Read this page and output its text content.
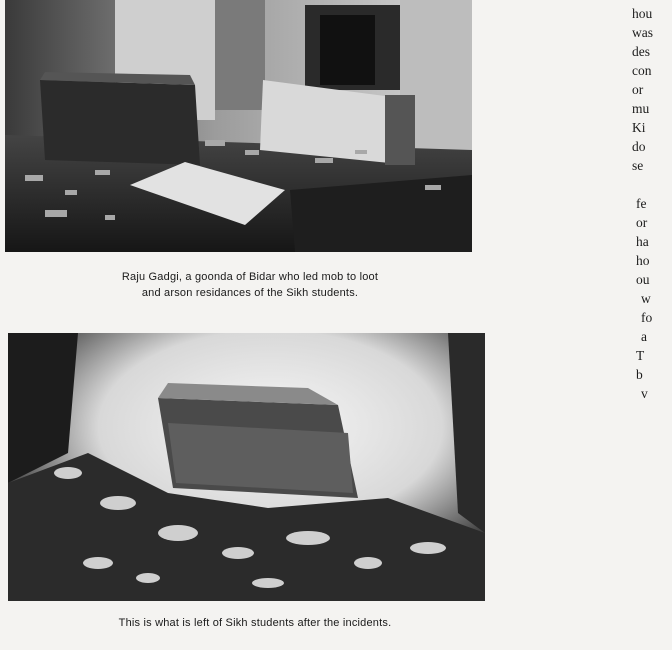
Raju Gadgi, a goonda of Bidar who led mob to loot
and arson residances of the Sikh students.
This is what is left of Sikh students after the incidents.
hou
was
des
con
or
mu
Ki
do
se
fe
or
ha
ho
ou
w
fo
a
T
b
v
